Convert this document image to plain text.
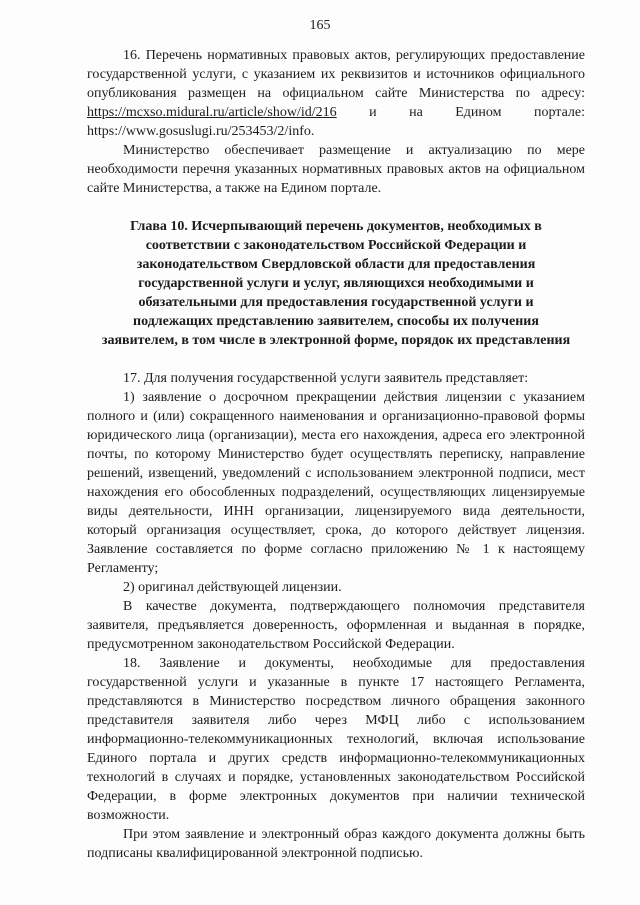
165

16. Перечень нормативных правовых актов, регулирующих предоставление государственной услуги, с указанием их реквизитов и источников официального опубликования размещен на официальном сайте Министерства по адресу: https://mcxso.midural.ru/article/show/id/216 и на Едином портале: https://www.gosuslugi.ru/253453/2/info.

Министерство обеспечивает размещение и актуализацию по мере необходимости перечня указанных нормативных правовых актов на официальном сайте Министерства, а также на Едином портале.

Глава 10. Исчерпывающий перечень документов, необходимых в соответствии с законодательством Российской Федерации и законодательством Свердловской области для предоставления государственной услуги и услуг, являющихся необходимыми и обязательными для предоставления государственной услуги и подлежащих представлению заявителем, способы их получения заявителем, в том числе в электронной форме, порядок их представления

17. Для получения государственной услуги заявитель представляет:

1) заявление о досрочном прекращении действия лицензии с указанием полного и (или) сокращенного наименования и организационно-правовой формы юридического лица (организации), места его нахождения, адреса его электронной почты, по которому Министерство будет осуществлять переписку, направление решений, извещений, уведомлений с использованием электронной подписи, мест нахождения его обособленных подразделений, осуществляющих лицензируемые виды деятельности, ИНН организации, лицензируемого вида деятельности, который организация осуществляет, срока, до которого действует лицензия. Заявление составляется по форме согласно приложению № 1 к настоящему Регламенту;

2) оригинал действующей лицензии.

В качестве документа, подтверждающего полномочия представителя заявителя, предъявляется доверенность, оформленная и выданная в порядке, предусмотренном законодательством Российской Федерации.

18. Заявление и документы, необходимые для предоставления государственной услуги и указанные в пункте 17 настоящего Регламента, представляются в Министерство посредством личного обращения законного представителя заявителя либо через МФЦ либо с использованием информационно-телекоммуникационных технологий, включая использование Единого портала и других средств информационно-телекоммуникационных технологий в случаях и порядке, установленных законодательством Российской Федерации, в форме электронных документов при наличии технической возможности.

При этом заявление и электронный образ каждого документа должны быть подписаны квалифицированной электронной подписью.
